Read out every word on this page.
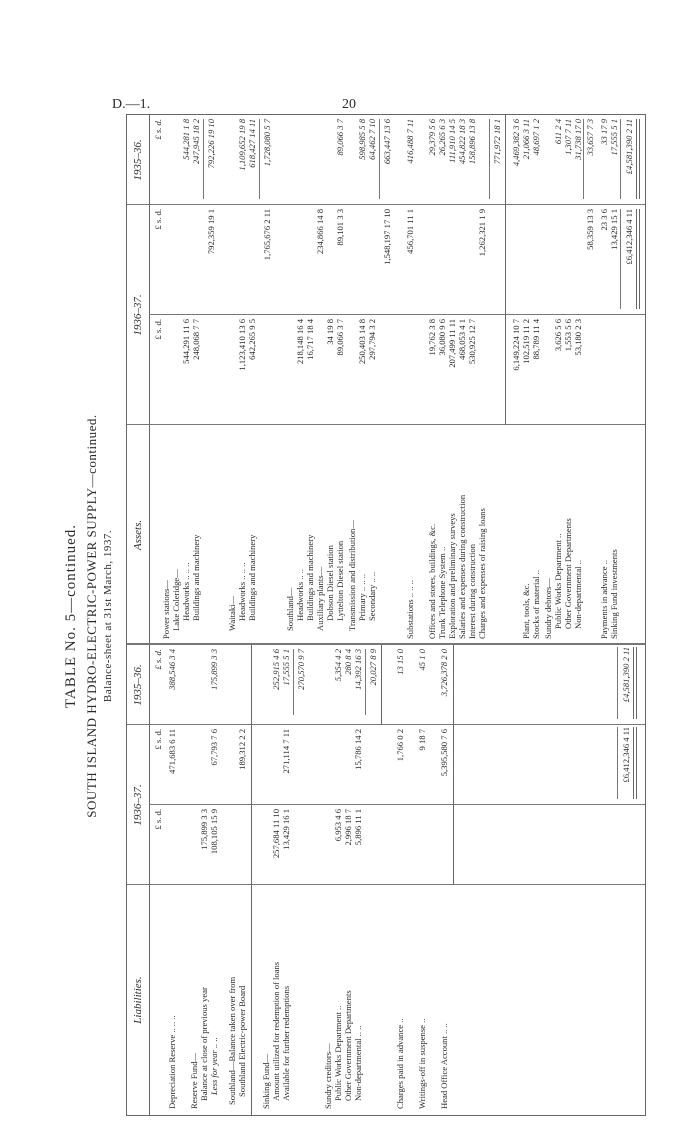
D.—1.	20
TABLE No. 5—continued. SOUTH ISLAND HYDRO-ELECTRIC-POWER SUPPLY—continued. Balance-sheet at 31st March, 1937.
Liabilities.
1936–37.
1935–36.
Assets.
1936–37.
1935–36.
£ s. d.
£ s. d.
£ s. d.
£ s. d.
£ s. d.
£ s. d.
Depreciation Reserve .. .. ..
471,683 6 11
388,546 3 4
Reserve Fund— Balance at close of previous year
175,899 3 3
Less for year .. ..
108,105 15 9
67,793 7 6
175,899 3 3
Southland—Balance taken over from Southland Electric-power Board
189,312 2 2
Sinking Fund— Amount utilized for redemption of loans
257,684 11 10
252,915 4 6
Available for further redemptions
13,429 16 1
271,114 7 11
17,555 5 1 270,570 9 7
Sundry creditors— Public Works Department ..
6,953 4 6
5,354 4 2
Other Government Departments
2,996 18 7
280 8 4
Non-departmental .. ..
5,896 11 1
15,786 14 2
14,392 16 3 20,027 8 9
Charges paid in advance ..
1,766 0 2
13 15 0
Writings-off in suspense ..
9 18 7
45 1 0
Head Office Account .. ..
5,395,580 7 6
3,726,378 2 0
£6,412,346 4 11
£4,581,390 2 11
Power stations— Lake Coleridge— Headworks .. .. ..
544,291 11 6
544,281 1 8
Buildings and machinery
248,068 7 7
247,945 18 2
792,359 19 1
792,226 19 10
Waitaki— Headworks .. .. ..
1,123,410 13 6
1,109,652 19 8
Buildings and machinery
642,265 9 5
618,427 14 11
1,765,676 2 11
1,728,080 5 7
Southland— Headworks .. ..
218,148 16 4
Buildings and machinery
16,717 18 4
234,866 14 8
Auxiliary plants— Dobson Diesel station
34 19 8
Lyttelton Diesel station
89,066 3 7
89,101 3 3
89,066 3 7
Transmission and distribution— Primary .. .. ..
250,403 14 8
598,985 5 8
Secondary .. ..
297,794 3 2
64,462 7 10
1,548,197 17 10
663,447 13 6
Substations .. .. ..
456,701 11 1
416,488 7 11
Offices and stores, buildings, &c.
19,762 3 8
29,379 5 6
Trunk Telephone System ..
36,080 9 6
26,265 6 3
Exploration and preliminary surveys
207,499 11 11
111,910 14 5
Salaries and expenses during construction
468,053 4 1
454,822 18 3
Interest during construction
530,925 12 7
158,896 13 8
Charges and expenses of raising loans
1,262,321 1 9
771,972 18 1
6,149,224 10 7
4,469,382 3 6
Plant, tools, &c.
102,519 11 2
21,066 3 11
Stocks of material ..
88,789 11 4
48,697 1 2
Sundry debtors— Public Works Department ..
3,626 5 6
611 2 4
Other Government Departments
1,553 5 6
1,307 7 11
Non-departmental ..
53,180 2 3
31,738 17 0
58,359 13 3
33,657 7 3
Payments in advance ..
23 3 6
33 17 9
Sinking Fund investments
13,429 15 1
17,555 5 1
£6,412,346 4 11
£4,581,390 2 11
